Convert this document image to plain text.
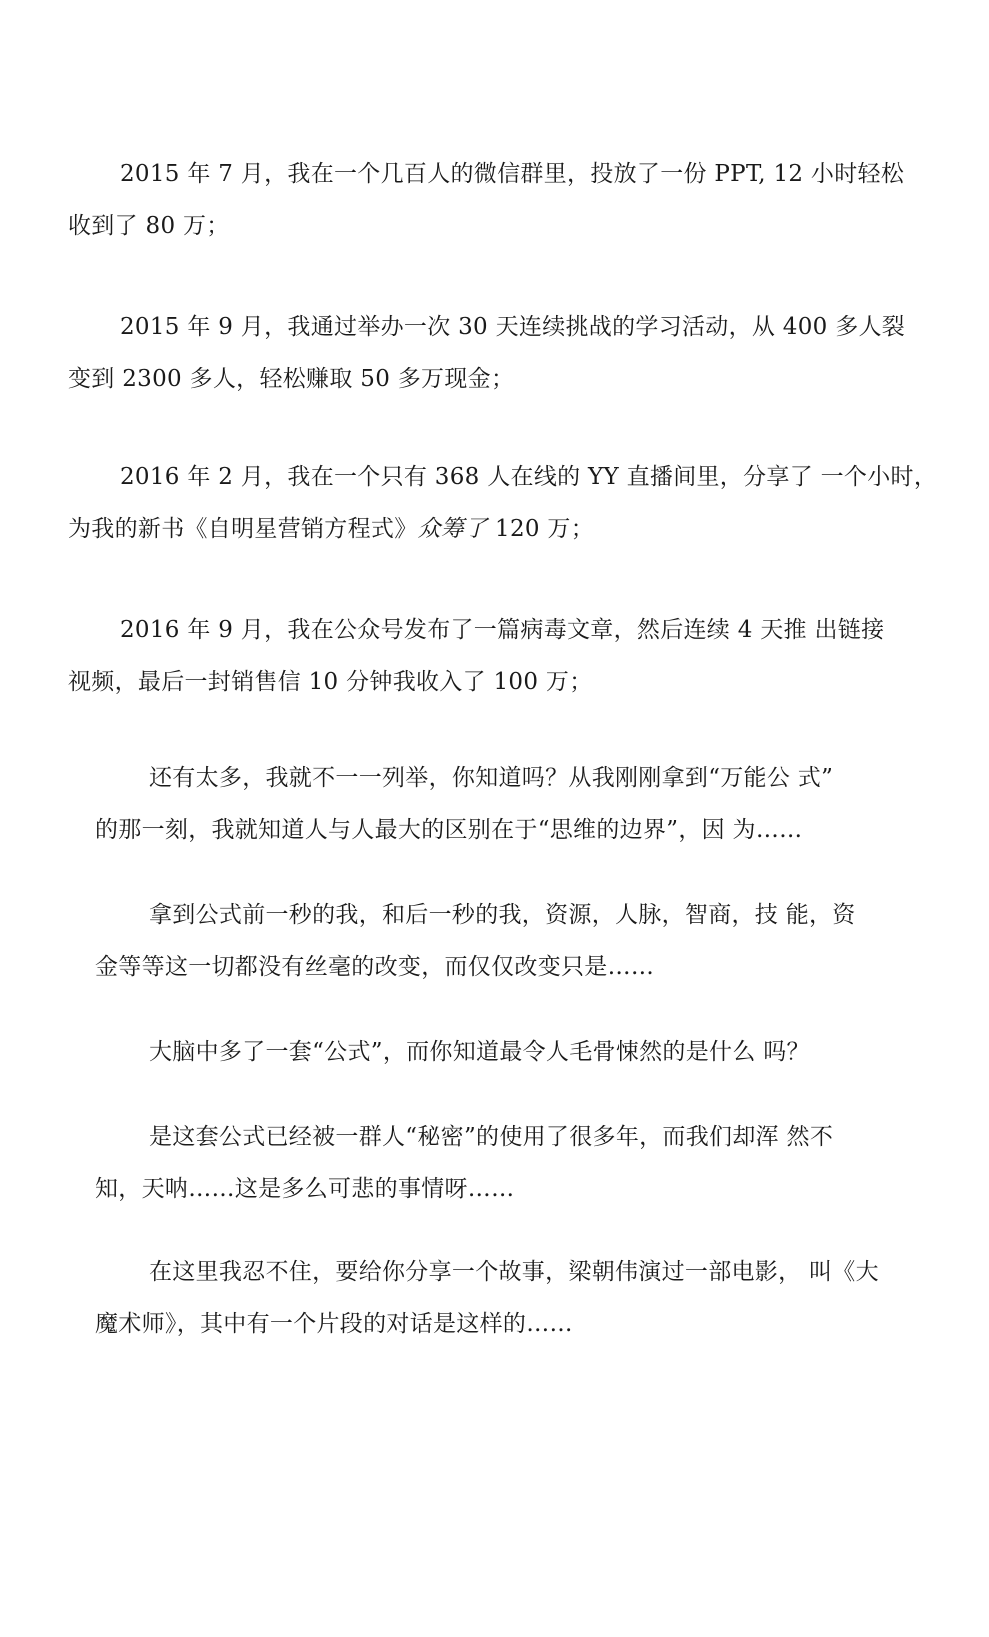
2015 年 7 月，我在一个几百人的微信群里，投放了一份 PPT, 12 小时轻松
收到了 80 万；

2015 年 9 月，我通过举办一次 30 天连续挑战的学习活动，从 400 多人裂
变到 2300 多人，轻松赚取 50 多万现金；

2016 年 2 月，我在一个只有 368 人在线的 YY 直播间里，分享了 一个小时，
为我的新书《自明星营销方程式》众筹了 120 万；

2016 年 9 月，我在公众号发布了一篇病毒文章，然后连续 4 天推 出链接
视频，最后一封销售信 10 分钟我收入了 100 万；

还有太多，我就不一一列举，你知道吗？从我刚刚拿到“万能公 式”
的那一刻，我就知道人与人最大的区别在于“思维的边界”，因 为……

拿到公式前一秒的我，和后一秒的我，资源，人脉，智商，技 能，资
金等等这一切都没有丝毫的改变，而仅仅改变只是……

大脑中多了一套“公式”，而你知道最令人毛骨悚然的是什么 吗？

是这套公式已经被一群人“秘密”的使用了很多年，而我们却浑 然不
知，天呐……这是多么可悲的事情呀……

在这里我忍不住，要给你分享一个故事，梁朝伟演过一部电影， 叫《大
魔术师》，其中有一个片段的对话是这样的……
